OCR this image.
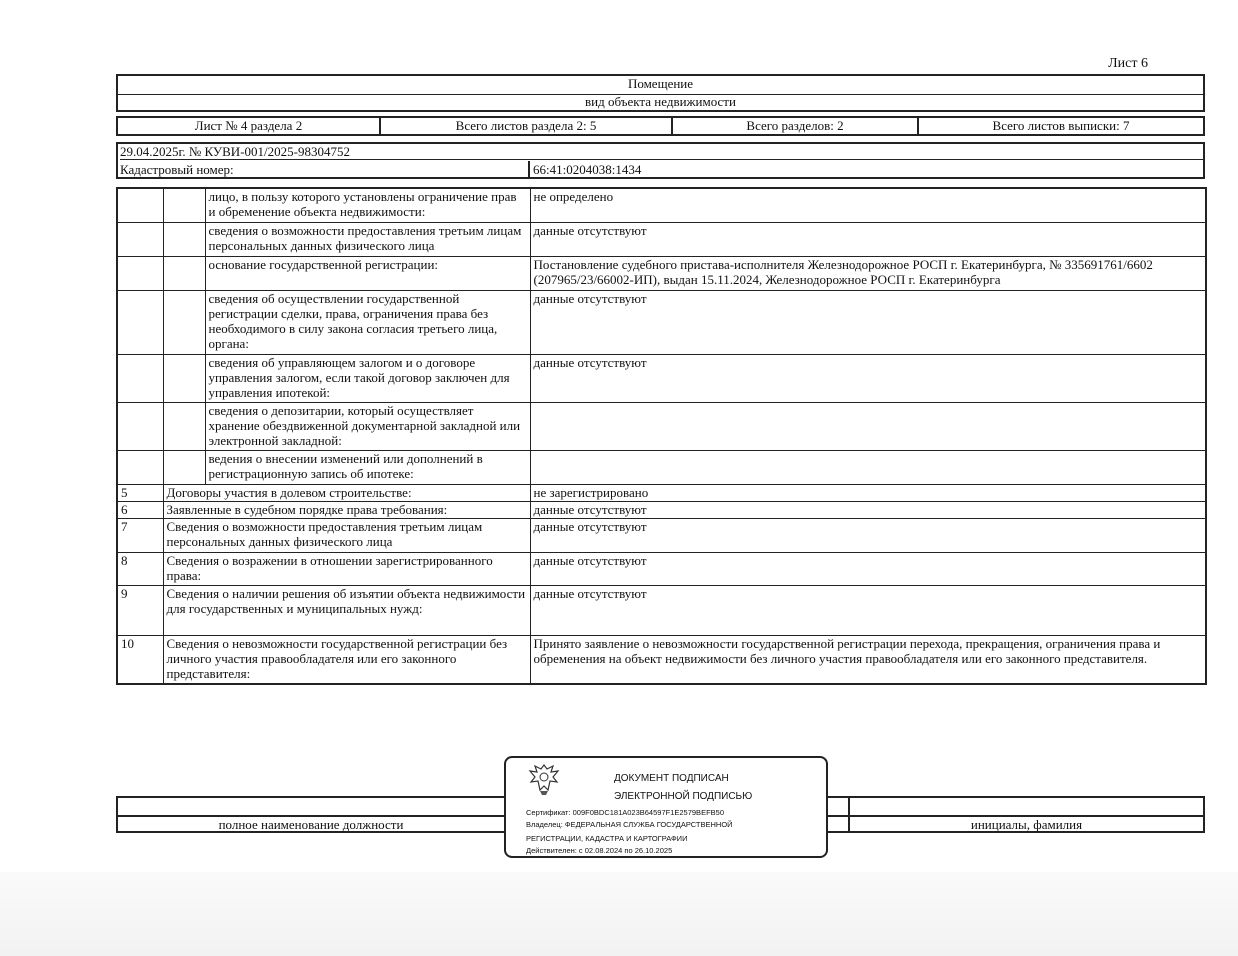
Лист 6
Помещение
вид объекта недвижимости
Лист № 4 раздела 2	Всего листов раздела 2: 5	Всего разделов: 2	Всего листов выписки: 7
29.04.2025г. № КУВИ-001/2025-98304752
Кадастровый номер:	66:41:0204038:1434
		лицо, в пользу которого установлены ограничение прав и обременение объекта недвижимости:	не определено
		сведения о возможности предоставления третьим лицам персональных данных физического лица	данные отсутствуют
		основание государственной регистрации:	Постановление судебного пристава-исполнителя Железнодорожное РОСП г. Екатеринбурга, № 335691761/6602 (207965/23/66002-ИП), выдан 15.11.2024, Железнодорожное РОСП г. Екатеринбурга
		сведения об осуществлении государственной регистрации сделки, права, ограничения права без необходимого в силу закона согласия третьего лица, органа:	данные отсутствуют
		сведения об управляющем залогом и о договоре управления залогом, если такой договор заключен для управления ипотекой:	данные отсутствуют
		сведения о депозитарии, который осуществляет хранение обездвиженной документарной закладной или электронной закладной:	
		ведения о внесении изменений или дополнений в регистрационную запись об ипотеке:	
5	Договоры участия в долевом строительстве:		не зарегистрировано
6	Заявленные в судебном порядке права требования:		данные отсутствуют
7	Сведения о возможности предоставления третьим лицам персональных данных физического лица		данные отсутствуют
8	Сведения о возражении в отношении зарегистрированного права:		данные отсутствуют
9	Сведения о наличии решения об изъятии объекта недвижимости для государственных и муниципальных нужд:		данные отсутствуют
10	Сведения о невозможности государственной регистрации без личного участия правообладателя или его законного представителя:		Принято заявление о невозможности государственной регистрации перехода, прекращения, ограничения права и обременения на объект недвижимости без личного участия правообладателя или его законного представителя.
полное наименование должности	инициалы, фамилия
ДОКУМЕНТ ПОДПИСАН
ЭЛЕКТРОННОЙ ПОДПИСЬЮ
Сертификат: 009F0BDC181A023B64597F1E2579BEFB50
Владелец: ФЕДЕРАЛЬНАЯ СЛУЖБА ГОСУДАРСТВЕННОЙ
РЕГИСТРАЦИИ, КАДАСТРА И КАРТОГРАФИИ
Действителен: с 02.08.2024 по 26.10.2025
